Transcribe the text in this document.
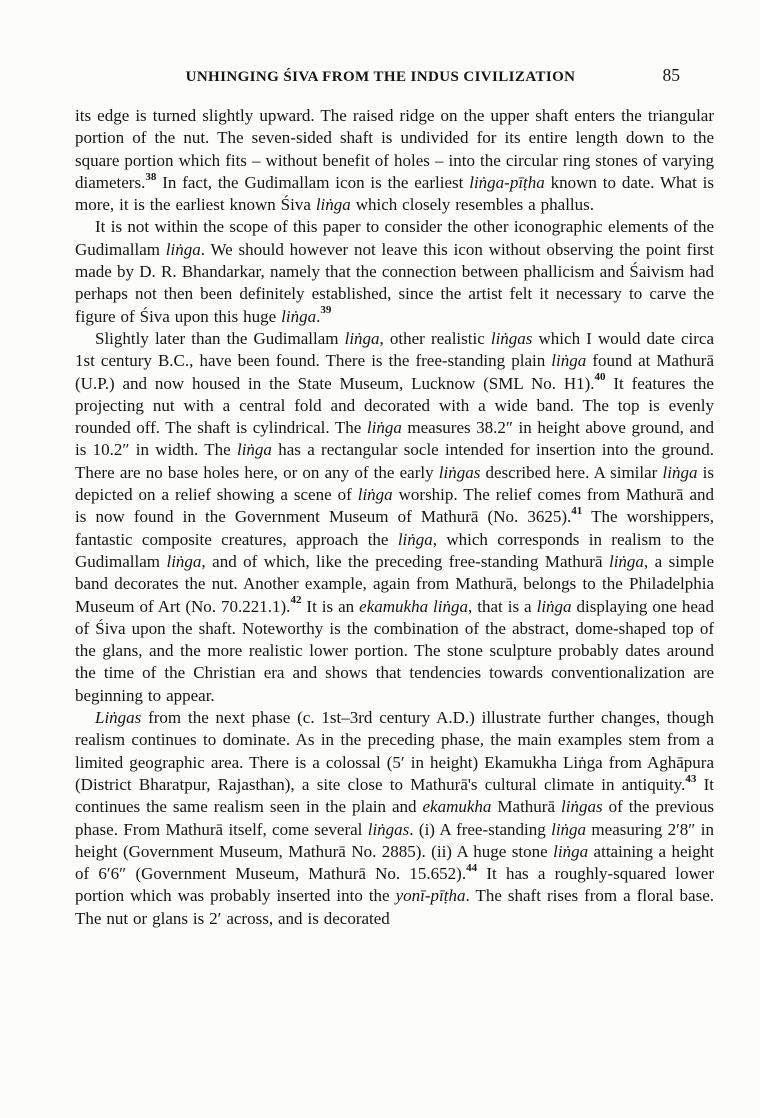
85
UNHINGING ŚIVA FROM THE INDUS CIVILIZATION

its edge is turned slightly upward. The raised ridge on the upper shaft enters the triangular portion of the nut. The seven-sided shaft is undivided for its entire length down to the square portion which fits – without benefit of holes – into the circular ring stones of varying diameters.$^{38}$ In fact, the Gudimallam icon is the earliest liṅga-pīṭha known to date. What is more, it is the earliest known Śiva liṅga which closely resembles a phallus.

It is not within the scope of this paper to consider the other iconographic elements of the Gudimallam liṅga. We should however not leave this icon without observing the point first made by D. R. Bhandarkar, namely that the connection between phallicism and Śaivism had perhaps not then been definitely established, since the artist felt it necessary to carve the figure of Śiva upon this huge liṅga.$^{39}$

Slightly later than the Gudimallam liṅga, other realistic liṅgas which I would date circa 1st century B.C., have been found. There is the free-standing plain liṅga found at Mathurā (U.P.) and now housed in the State Museum, Lucknow (SML No. H1).$^{40}$ It features the projecting nut with a central fold and decorated with a wide band. The top is evenly rounded off. The shaft is cylindrical. The liṅga measures 38.2″ in height above ground, and is 10.2″ in width. The liṅga has a rectangular socle intended for insertion into the ground. There are no base holes here, or on any of the early liṅgas described here. A similar liṅga is depicted on a relief showing a scene of liṅga worship. The relief comes from Mathurā and is now found in the Government Museum of Mathurā (No. 3625).$^{41}$ The worshippers, fantastic composite creatures, approach the liṅga, which corresponds in realism to the Gudimallam liṅga, and of which, like the preceding free-standing Mathurā liṅga, a simple band decorates the nut. Another example, again from Mathurā, belongs to the Philadelphia Museum of Art (No. 70.221.1).$^{42}$ It is an ekamukha liṅga, that is a liṅga displaying one head of Śiva upon the shaft. Noteworthy is the combination of the abstract, dome-shaped top of the glans, and the more realistic lower portion. The stone sculpture probably dates around the time of the Christian era and shows that tendencies towards conventionalization are beginning to appear.

Liṅgas from the next phase (c. 1st–3rd century A.D.) illustrate further changes, though realism continues to dominate. As in the preceding phase, the main examples stem from a limited geographic area. There is a colossal (5′ in height) Ekamukha Liṅga from Aghāpura (District Bharatpur, Rajasthan), a site close to Mathurā's cultural climate in antiquity.$^{43}$ It continues the same realism seen in the plain and ekamukha Mathurā liṅgas of the previous phase. From Mathurā itself, come several liṅgas. (i) A free-standing liṅga measuring 2′8″ in height (Government Museum, Mathurā No. 2885). (ii) A huge stone liṅga attaining a height of 6′6″ (Government Museum, Mathurā No. 15.652).$^{44}$ It has a roughly-squared lower portion which was probably inserted into the yonī-pīṭha. The shaft rises from a floral base. The nut or glans is 2′ across, and is decorated
